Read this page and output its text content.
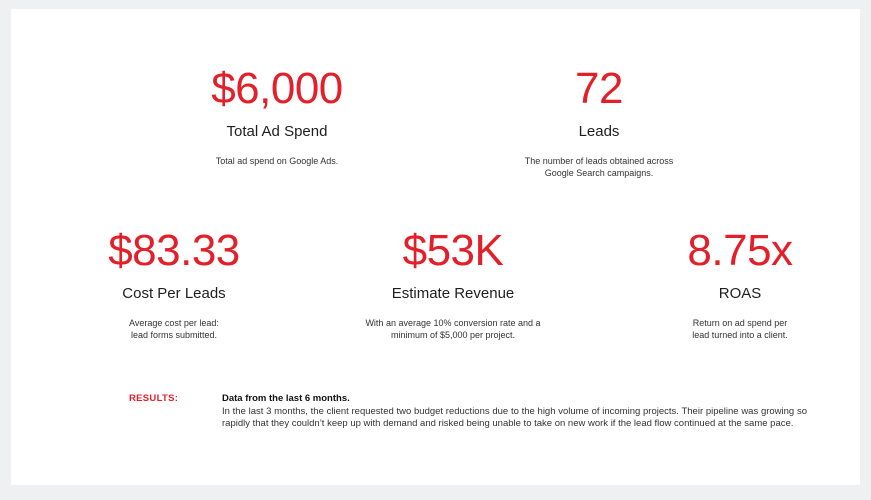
$6,000
Total Ad Spend
Total ad spend on Google Ads.
72
Leads
The number of leads obtained across
Google Search campaigns.
$83.33
Cost Per Leads
Average cost per lead:
lead forms submitted.
$53K
Estimate Revenue
With an average 10% conversion rate and a
minimum of $5,000 per project.
8.75x
ROAS
Return on ad spend per
lead turned into a client.
RESULTS:	Data from the last 6 months.
In the last 3 months, the client requested two budget reductions due to the high volume of incoming projects. Their pipeline was growing so rapidly that they couldn’t keep up with demand and risked being unable to take on new work if the lead flow continued at the same pace.
